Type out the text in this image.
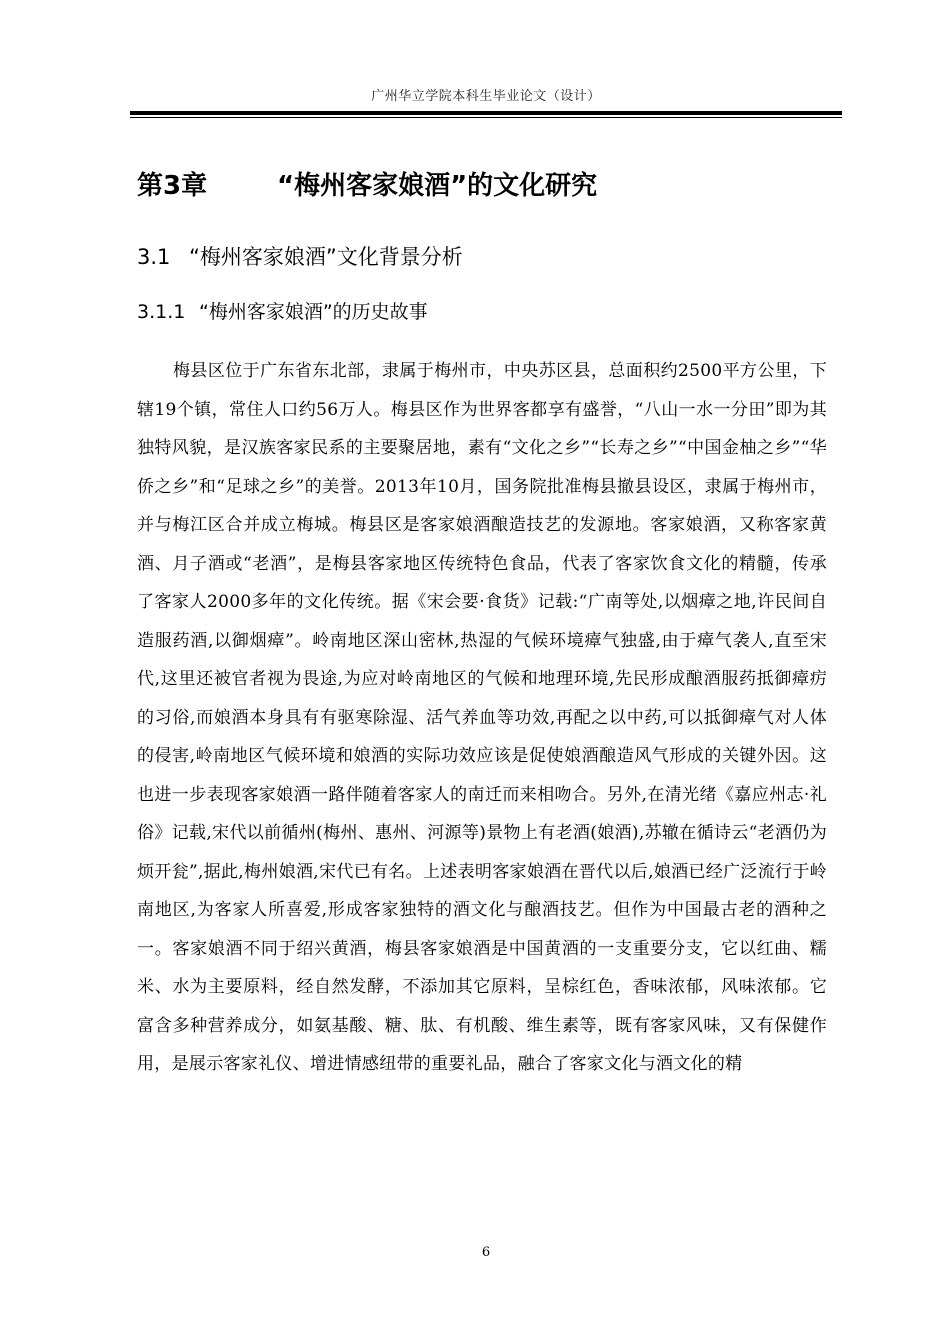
广州华立学院本科生毕业论文（设计）
第3章	“梅州客家娘酒”的文化研究
3.1 “梅州客家娘酒”文化背景分析
3.1.1 “梅州客家娘酒”的历史故事

梅县区位于广东省东北部，隶属于梅州市，中央苏区县，总面积约2500平方公里，下辖19个镇，常住人口约56万人。梅县区作为世界客都享有盛誉，“八山一水一分田”即为其独特风貌，是汉族客家民系的主要聚居地，素有“文化之乡”“长寿之乡”“中国金柚之乡”“华侨之乡”和“足球之乡”的美誉。2013年10月，国务院批准梅县撤县设区，隶属于梅州市，并与梅江区合并成立梅城。梅县区是客家娘酒酿造技艺的发源地。客家娘酒，又称客家黄酒、月子酒或“老酒”，是梅县客家地区传统特色食品，代表了客家饮食文化的精髓，传承了客家人2000多年的文化传统。据《宋会要·食货》记载:“广南等处,以烟瘴之地,许民间自造服药酒,以御烟瘴”。岭南地区深山密林,热湿的气候环境瘴气独盛,由于瘴气袭人,直至宋代,这里还被官者视为畏途,为应对岭南地区的气候和地理环境,先民形成酿酒服药抵御瘴疠的习俗,而娘酒本身具有有驱寒除湿、活气养血等功效,再配之以中药,可以抵御瘴气对人体的侵害,岭南地区气候环境和娘酒的实际功效应该是促使娘酒酿造风气形成的关键外因。这也进一步表现客家娘酒一路伴随着客家人的南迁而来相吻合。另外,在清光绪《嘉应州志·礼俗》记载,宋代以前循州(梅州、惠州、河源等)景物上有老酒(娘酒),苏辙在循诗云“老酒仍为烦开瓮”,据此,梅州娘酒,宋代已有名。上述表明客家娘酒在晋代以后,娘酒已经广泛流行于岭南地区,为客家人所喜爱,形成客家独特的酒文化与酿酒技艺。但作为中国最古老的酒种之一。客家娘酒不同于绍兴黄酒，梅县客家娘酒是中国黄酒的一支重要分支，它以红曲、糯米、水为主要原料，经自然发酵，不添加其它原料，呈棕红色，香味浓郁，风味浓郁。它富含多种营养成分，如氨基酸、糖、肽、有机酸、维生素等，既有客家风味，又有保健作用，是展示客家礼仪、增进情感纽带的重要礼品，融合了客家文化与酒文化的精

6
